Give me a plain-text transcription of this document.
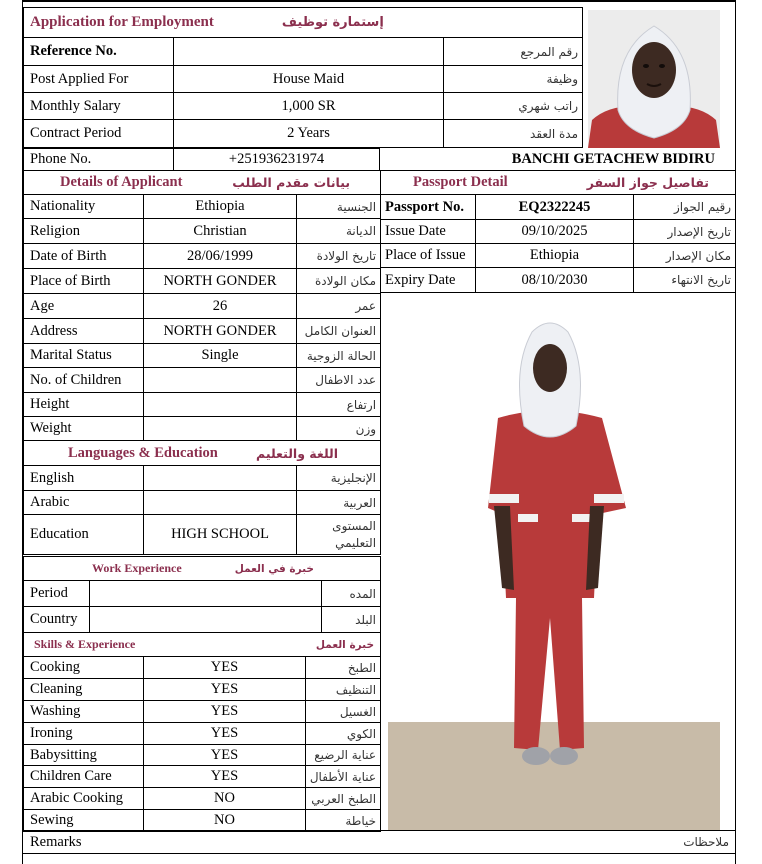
Application for Employment إستمارة توظيف		

Reference No.		رقم المرجع
Post Applied For	House Maid	وظيفة
Monthly Salary	1,000 SR	راتب شهري
Contract Period	2 Years	مدة العقد
Phone No.	+251936231974	BANCHI GETACHEW BIDIRU
Details of Applicant بيانات مقدم الطلب		

Nationality	Ethiopia	الجنسية
Religion	Christian	الديانة
Date of Birth	28/06/1999	تاريخ الولادة
Place of Birth	NORTH GONDER	مكان الولادة
Age	26	عمر
Address	NORTH GONDER	العنوان الكامل
Marital Status	Single	الحالة الزوجية
No. of Children		عدد الاطفال
Height		ارتفاع
Weight		وزن

Languages & Education اللغة والتعليم		

English		الإنجليزية
Arabic		العربية
Education	HIGH SCHOOL	المستوى التعليمي
Work Experience خبرة في العمل		

Period		المده
Country		البلد
Skills & Experience خبرة العمل		

Cooking	YES	الطبخ
Cleaning	YES	التنظيف
Washing	YES	الغسيل
Ironing	YES	الكوي
Babysitting	YES	عناية الرضيع
Children Care	YES	عناية الأطفال
Arabic Cooking	NO	الطبخ العربي
Sewing	NO	خياطة
Passport Detail تفاصيل جواز السفر		

Passport No.	EQ2322245	رقيم الجواز
Issue Date	09/10/2025	تاريخ الإصدار
Place of Issue	Ethiopia	مكان الإصدار
Expiry Date	08/10/2030	تاريخ الانتهاء
Remarks	ملاحظات
